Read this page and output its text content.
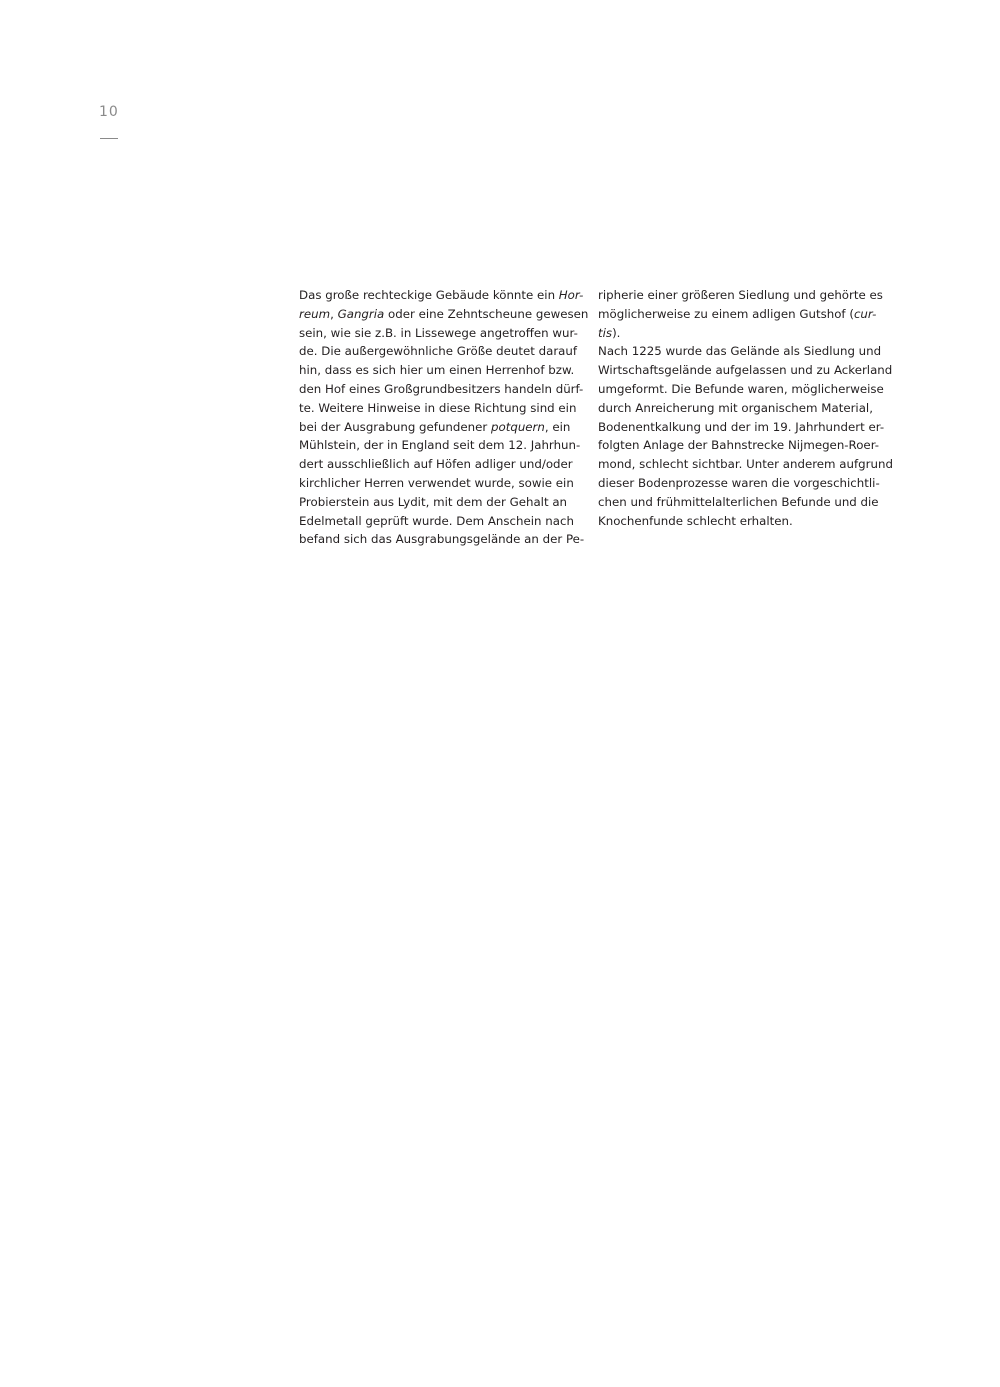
10
Das große rechteckige Gebäude könnte ein Hor-
reum, Gangria oder eine Zehntscheune gewesen
sein, wie sie z.B. in Lissewege angetroffen wur-
de. Die außergewöhnliche Größe deutet darauf
hin, dass es sich hier um einen Herrenhof bzw.
den Hof eines Großgrundbesitzers handeln dürf-
te. Weitere Hinweise in diese Richtung sind ein
bei der Ausgrabung gefundener potquern, ein
Mühlstein, der in England seit dem 12. Jahrhun-
dert ausschließlich auf Höfen adliger und/oder
kirchlicher Herren verwendet wurde, sowie ein
Probierstein aus Lydit, mit dem der Gehalt an
Edelmetall geprüft wurde. Dem Anschein nach
befand sich das Ausgrabungsgelände an der Pe-
ripherie einer größeren Siedlung und gehörte es
möglicherweise zu einem adligen Gutshof (cur-
tis).
Nach 1225 wurde das Gelände als Siedlung und
Wirtschaftsgelände aufgelassen und zu Ackerland
umgeformt. Die Befunde waren, möglicherweise
durch Anreicherung mit organischem Material,
Bodenentkalkung und der im 19. Jahrhundert er-
folgten Anlage der Bahnstrecke Nijmegen-Roer-
mond, schlecht sichtbar. Unter anderem aufgrund
dieser Bodenprozesse waren die vorgeschichtli-
chen und frühmittelalterlichen Befunde und die
Knochenfunde schlecht erhalten.
